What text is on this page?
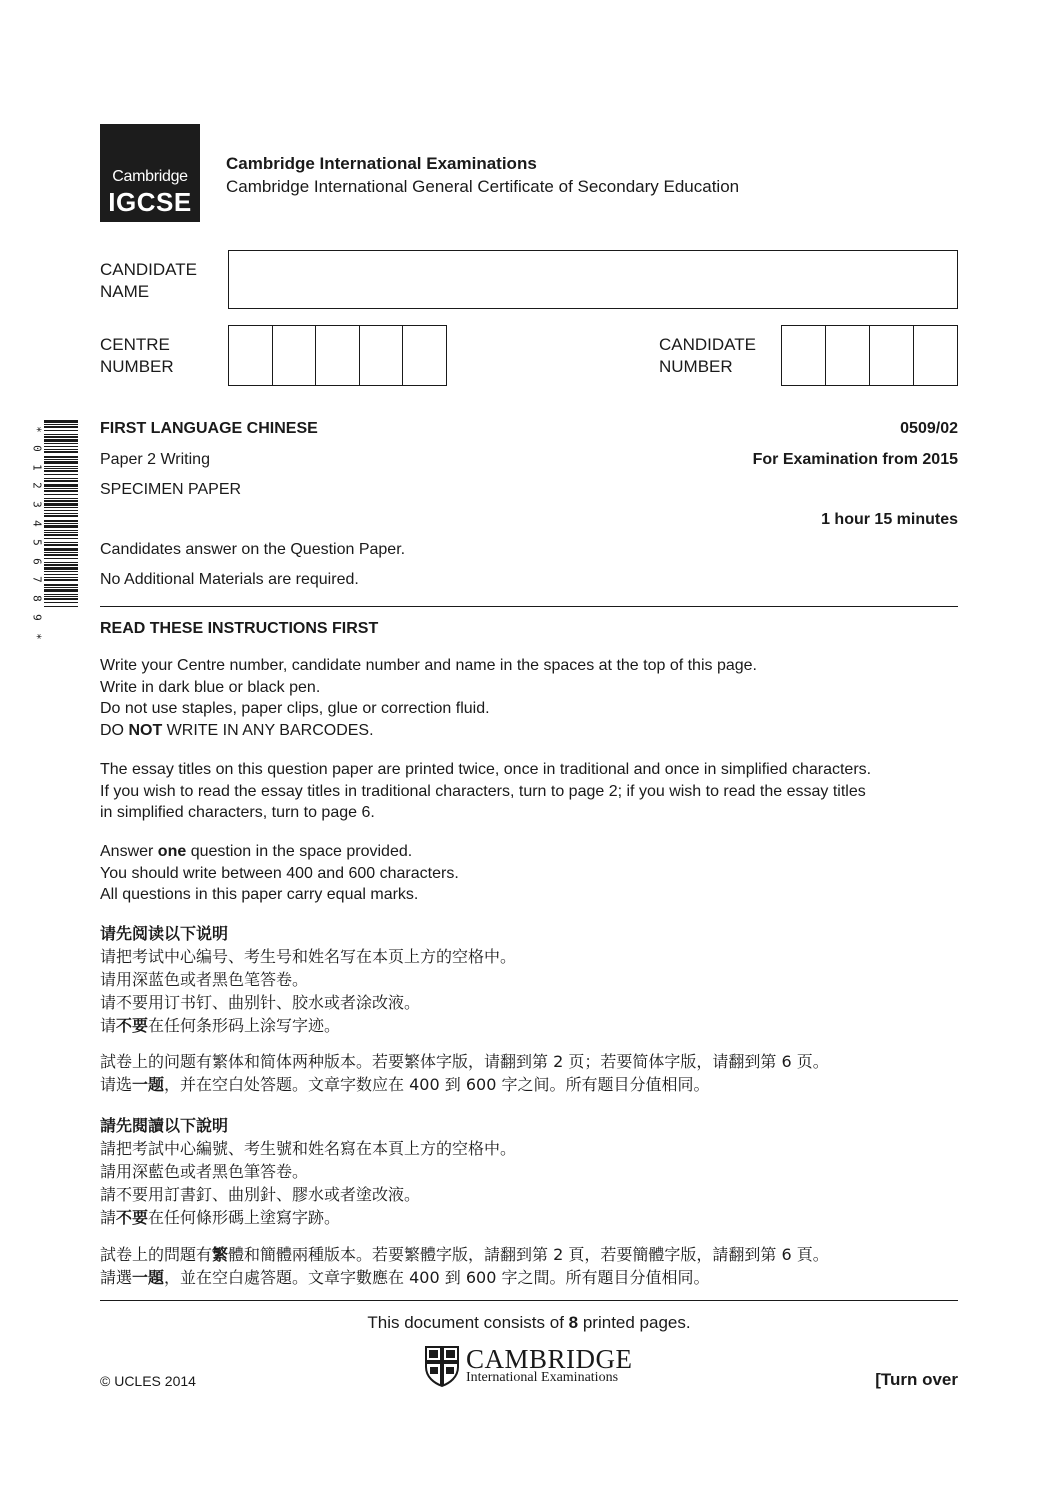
Cambridge
IGCSE
Cambridge International Examinations
Cambridge International General Certificate of Secondary Education
CANDIDATE
NAME
CENTRE
NUMBER
CANDIDATE
NUMBER
*
0
1
2
3
4
5
6
7
8
9
*
FIRST LANGUAGE CHINESE	0509/02
Paper 2 Writing	For Examination from 2015
SPECIMEN PAPER
1 hour 15 minutes
Candidates answer on the Question Paper.
No Additional Materials are required.
READ THESE INSTRUCTIONS FIRST
Write your Centre number, candidate number and name in the spaces at the top of this page.
Write in dark blue or black pen.
Do not use staples, paper clips, glue or correction fluid.
DO NOT WRITE IN ANY BARCODES.
The essay titles on this question paper are printed twice, once in traditional and once in simplified characters.
If you wish to read the essay titles in traditional characters, turn to page 2; if you wish to read the essay titles
in simplified characters, turn to page 6.
Answer one question in the space provided.
You should write between 400 and 600 characters.
All questions in this paper carry equal marks.
请先阅读以下说明
请把考试中心编号、考生号和姓名写在本页上方的空格中。
请用深蓝色或者黑色笔答卷。
请不要用订书钉、曲别针、胶水或者涂改液。
请不要在任何条形码上涂写字迹。
試卷上的问题有繁体和简体两种版本。若要繁体字版，请翻到第 2 页；若要简体字版，请翻到第 6 页。
请选一题，并在空白处答题。文章字数应在 400 到 600 字之间。所有题目分值相同。
請先閱讀以下說明
請把考試中心編號、考生號和姓名寫在本頁上方的空格中。
請用深藍色或者黑色筆答卷。
請不要用訂書釘、曲別針、膠水或者塗改液。
請不要在任何條形碼上塗寫字跡。
試卷上的問題有繁體和簡體兩種版本。若要繁體字版，請翻到第 2 頁，若要簡體字版，請翻到第 6 頁。
請選一題，並在空白處答題。文章字數應在 400 到 600 字之間。所有題目分值相同。
This document consists of 8 printed pages.
CAMBRIDGE
International Examinations
© UCLES 2014	[Turn over
